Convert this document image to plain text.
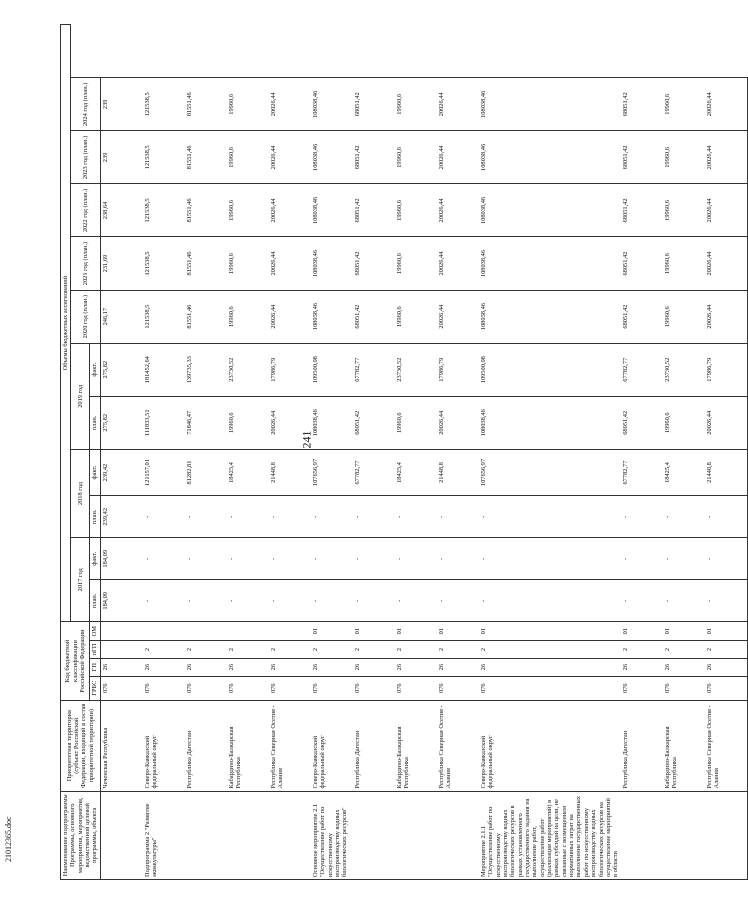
241
21012365.doc	Наименование подпрограммы Программы, основного мероприятия, мероприятия, ведомственной целевой программы, объекта	Приоритетная территория (субъект Российской Федерации, входящий в состав приоритетной территории)	Код бюджетной классификации Российской Федерации				Объемы бюджетных ассигнований										
						2017 год		2018 год		2019 год		2020 год (план.)	2021 год (план.)	2022 год (план.)	2023 год (план.)	2024 год (план.)
		ГРБС	ГП	пГП	ОМ	план.	факт.	план.	факт.	план.	факт.					
	Чеченская Республика	076	26			184,09	184,09	239,42	239,42	275,82	275,82	246,17	231,69	238,64	239	239
Подпрограмма 2 "Развитие аквакультуры"	Северо-Кавказский федеральный округ	076	26	2		-	-	-	121157,01	111833,51	181452,64	121538,5	121538,5	121538,5	121538,5	121538,5
	Республика Дагестан	076	26	2		-	-	-	81282,81	71846,47	139735,33	81551,46	81551,46	81551,46	81551,46	81551,46
	Кабардино-Балкарская Республика	076	26	2		-	-	-	18425,4	19960,6	23730,52	19960,6	19960,6	19960,6	19960,6	19960,6
	Республика Северная Осетия - Алания	076	26	2		-	-	-	21448,8	20026,44	17986,79	20026,44	20026,44	20026,44	20026,44	20026,44
Основное мероприятие 2.1 "Осуществление работ по искусственному воспроизводству водных биологических ресурсов"	Северо-Кавказский федеральный округ	076	26	2	01	-	-	-	107656,97	108038,46	109500,08	108038,46	108038,46	108038,46	108038,46	108038,46
	Республика Дагестан	076	26	2	01	-	-	-	67782,77	68051,42	67782,77	68051,42	68051,42	68051,42	68051,42	68051,42
	Кабардино-Балкарская Республика	076	26	2	01	-	-	-	18425,4	19960,6	23730,52	19960,6	19960,6	19960,6	19960,6	19960,6
	Республика Северная Осетия - Алания	076	26	2	01	-	-	-	21448,8	20026,44	17986,79	20026,44	20026,44	20026,44	20026,44	20026,44
Мероприятие 2.1.1 "Осуществление работ по искусственному воспроизводству водных биологических ресурсов в рамках установленного государственного задания на выполнение работ, осуществление работ (реализация мероприятий) в рамках субсидий на цели, не связанные с возмещением нормативных затрат на выполнение государственных работ по искусственному воспроизводству водных биологических ресурсов на осуществление мероприятий в области	Северо-Кавказский федеральный округ	076	26	2	01	-	-	-	107656,97	108038,46	109500,08	108038,46	108038,46	108038,46	108038,46	108038,46
	Республика Дагестан	076	26	2	01	-	-	-	67782,77	68051,42	67782,77	68051,42	68051,42	68051,42	68051,42	68051,42
	Кабардино-Балкарская Республика	076	26	2	01	-	-	-	18425,4	19960,6	23730,52	19960,6	19960,6	19960,6	19960,6	19960,6
	Республика Северная Осетия - Алания	076	26	2	01	-	-	-	21448,8	20026,44	17986,79	20026,44	20026,44	20026,44	20026,44	20026,44
